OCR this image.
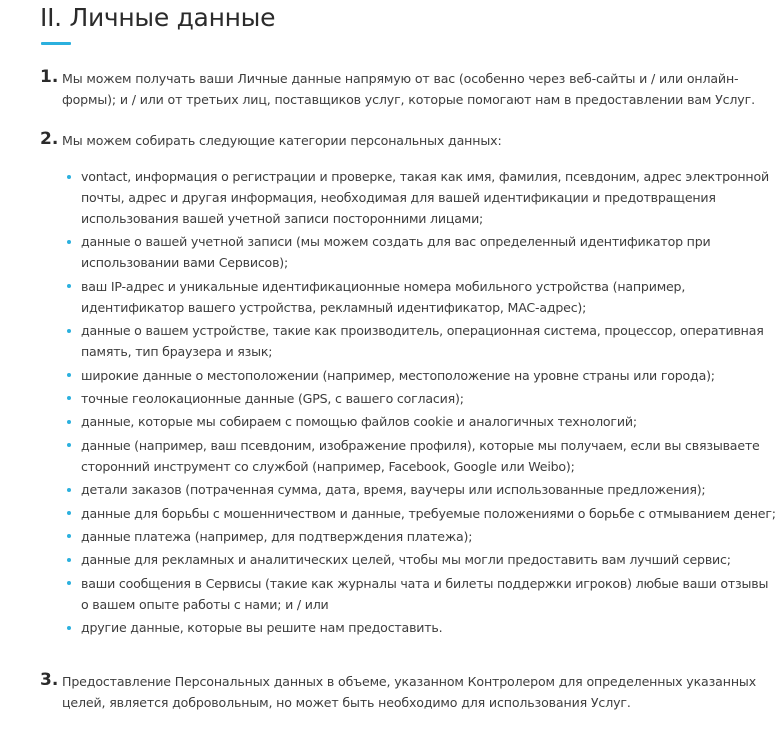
II. Личные данные
1. Мы можем получать ваши Личные данные напрямую от вас (особенно через веб-сайты и / или онлайн-формы); и / или от третьих лиц, поставщиков услуг, которые помогают нам в предоставлении вам Услуг.
2. Мы можем собирать следующие категории персональных данных:
3. Предоставление Персональных данных в объеме, указанном Контролером для определенных указанных целей, является добровольным, но может быть необходимо для использования Услуг.
vontact, информация о регистрации и проверке, такая как имя, фамилия, псевдоним, адрес электронной почты, адрес и другая информация, необходимая для вашей идентификации и предотвращения использования вашей учетной записи посторонними лицами;
данные о вашей учетной записи (мы можем создать для вас определенный идентификатор при использовании вами Сервисов);
ваш IP-адрес и уникальные идентификационные номера мобильного устройства (например, идентификатор вашего устройства, рекламный идентификатор, MAC-адрес);
данные о вашем устройстве, такие как производитель, операционная система, процессор, оперативная память, тип браузера и язык;
широкие данные о местоположении (например, местоположение на уровне страны или города);
точные геолокационные данные (GPS, с вашего согласия);
данные, которые мы собираем с помощью файлов cookie и аналогичных технологий;
данные (например, ваш псевдоним, изображение профиля), которые мы получаем, если вы связываете сторонний инструмент со службой (например, Facebook, Google или Weibo);
детали заказов (потраченная сумма, дата, время, ваучеры или использованные предложения);
данные для борьбы с мошенничеством и данные, требуемые положениями о борьбе с отмыванием денег;
данные платежа (например, для подтверждения платежа);
данные для рекламных и аналитических целей, чтобы мы могли предоставить вам лучший сервис;
ваши сообщения в Сервисы (такие как журналы чата и билеты поддержки игроков) любые ваши отзывы о вашем опыте работы с нами; и / или
другие данные, которые вы решите нам предоставить.
